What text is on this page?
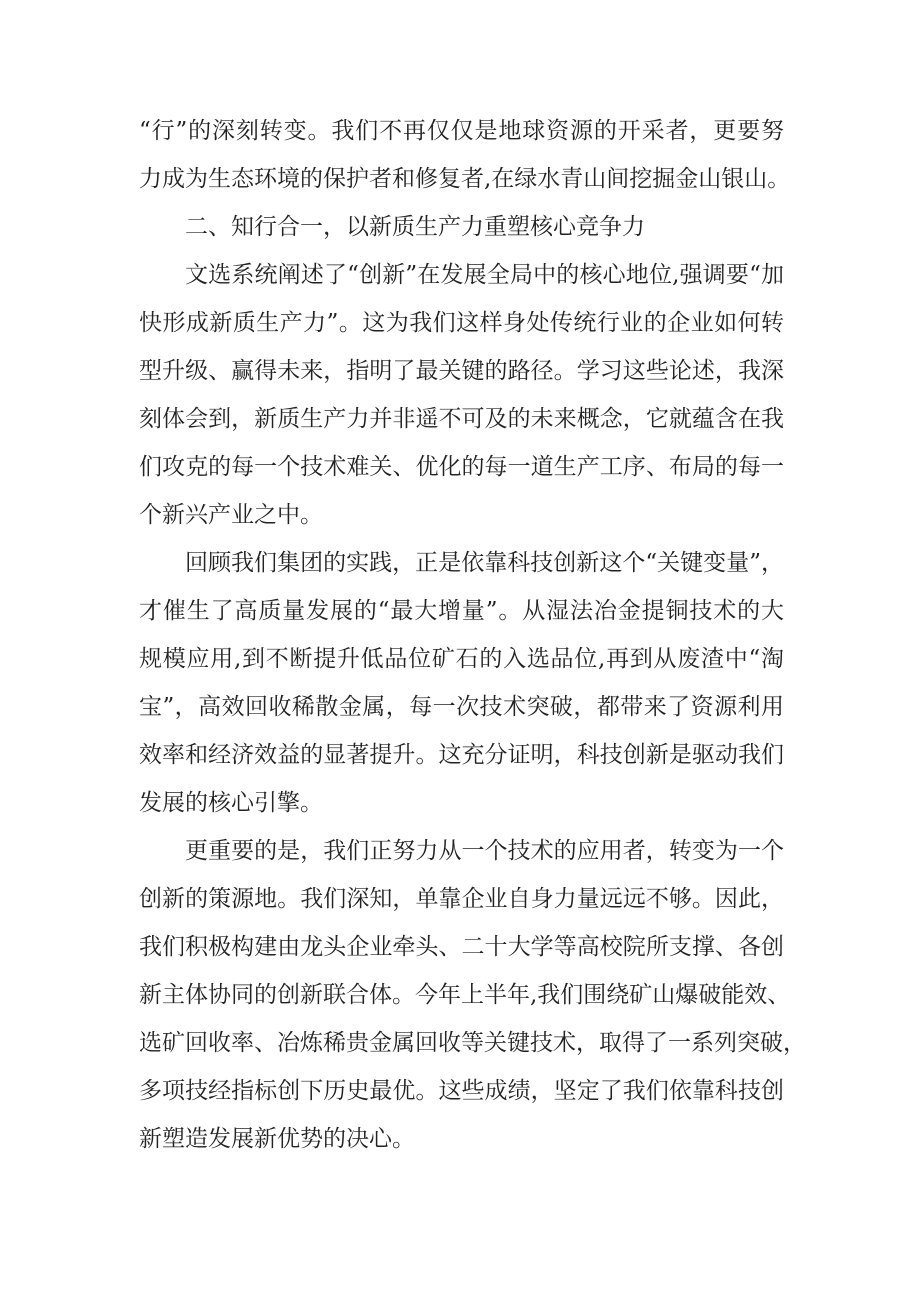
“行”的深刻转变。我们不再仅仅是地球资源的开采者，更要努
力成为生态环境的保护者和修复者,在绿水青山间挖掘金山银山。
二、知行合一，以新质生产力重塑核心竞争力
文选系统阐述了“创新”在发展全局中的核心地位,强调要“加
快形成新质生产力”。这为我们这样身处传统行业的企业如何转
型升级、赢得未来，指明了最关键的路径。学习这些论述，我深
刻体会到，新质生产力并非遥不可及的未来概念，它就蕴含在我
们攻克的每一个技术难关、优化的每一道生产工序、布局的每一
个新兴产业之中。
回顾我们集团的实践，正是依靠科技创新这个“关键变量”，
才催生了高质量发展的“最大增量”。从湿法冶金提铜技术的大
规模应用,到不断提升低品位矿石的入选品位,再到从废渣中“淘
宝”，高效回收稀散金属，每一次技术突破，都带来了资源利用
效率和经济效益的显著提升。这充分证明，科技创新是驱动我们
发展的核心引擎。
更重要的是，我们正努力从一个技术的应用者，转变为一个
创新的策源地。我们深知，单靠企业自身力量远远不够。因此，
我们积极构建由龙头企业牵头、二十大学等高校院所支撑、各创
新主体协同的创新联合体。今年上半年,我们围绕矿山爆破能效、
选矿回收率、冶炼稀贵金属回收等关键技术，取得了一系列突破，
多项技经指标创下历史最优。这些成绩，坚定了我们依靠科技创
新塑造发展新优势的决心。
